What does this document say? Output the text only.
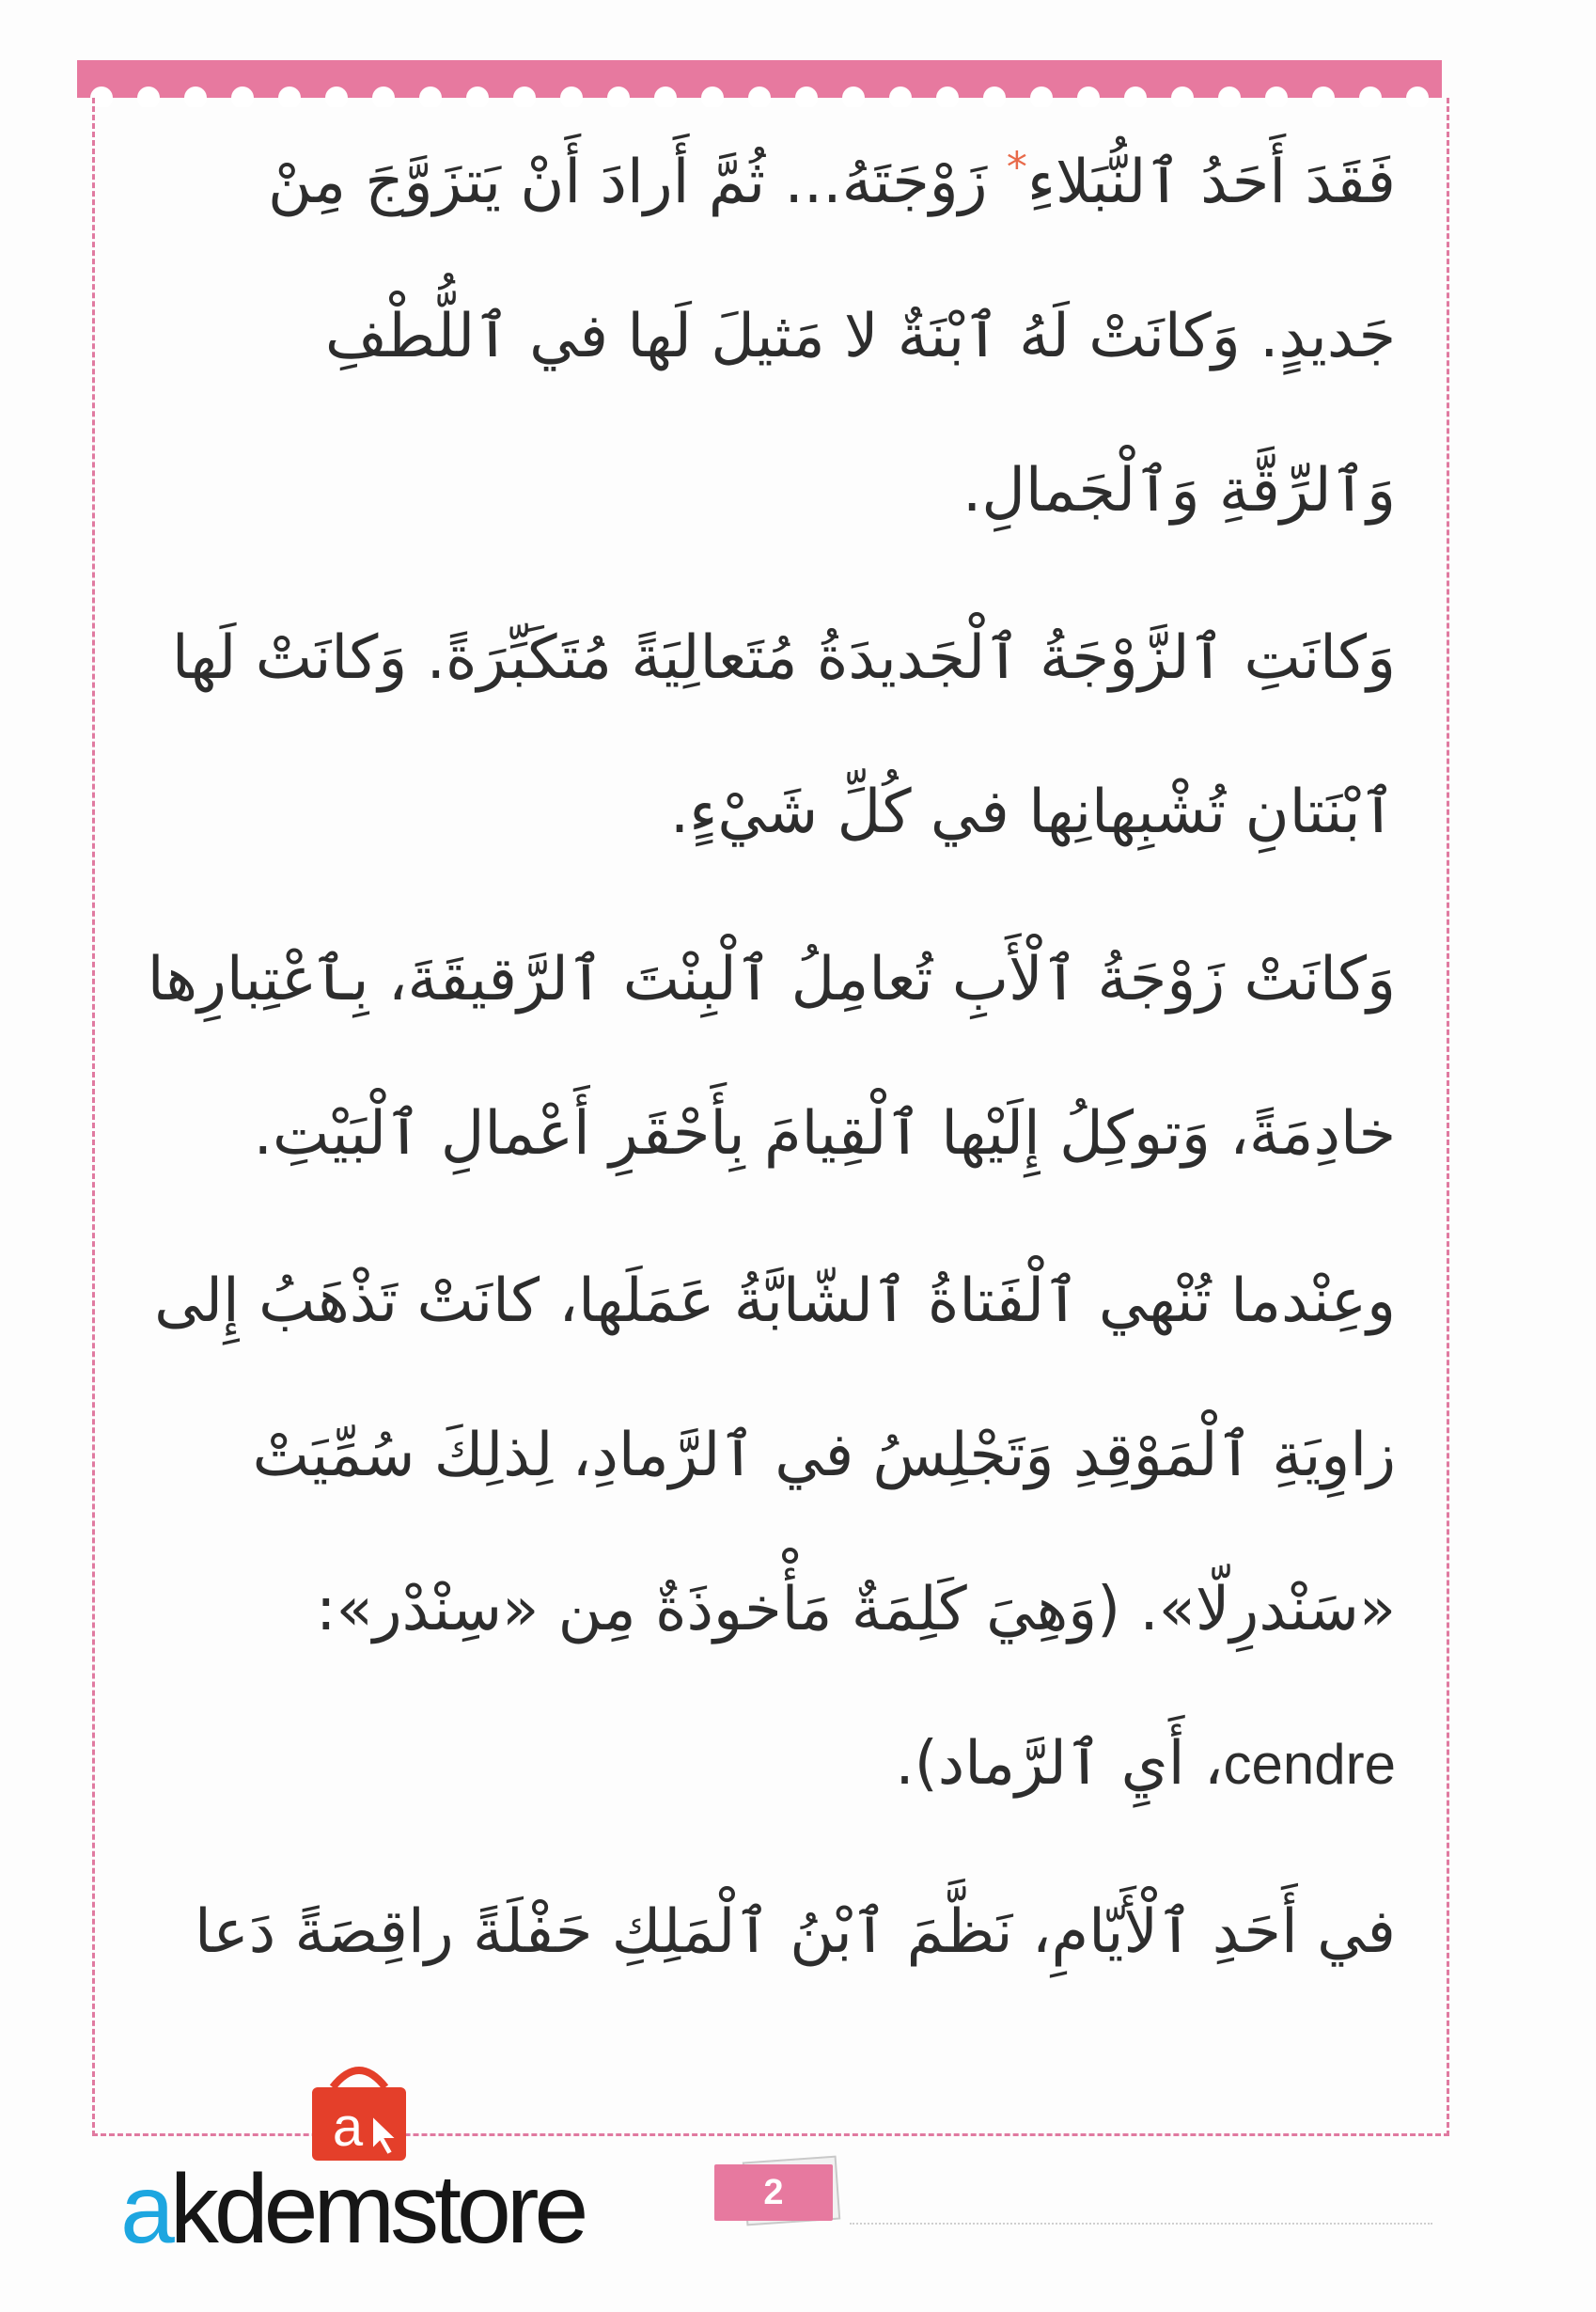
فَقَدَ أَحَدُ ٱلنُّبَلاءِ* زَوْجَتَهُ... ثُمَّ أَرادَ أَنْ يَتزَوَّجَ مِنْ جَديدٍ. وَكانَتْ لَهُ ٱبْنَةٌ لا مَثيلَ لَها في ٱللُّطْفِ وَٱلرِّقَّةِ وَٱلْجَمالِ.

وَكانَتِ ٱلزَّوْجَةُ ٱلْجَديدَةُ مُتَعالِيَةً مُتَكَبِّرَةً. وَكانَتْ لَها ٱبْنَتانِ تُشْبِهانِها في كُلِّ شَيْءٍ.

وَكانَتْ زَوْجَةُ ٱلْأَبِ تُعامِلُ ٱلْبِنْتَ ٱلرَّقيقَةَ، بِٱعْتِبارِها خادِمَةً، وَتوكِلُ إِلَيْها ٱلْقِيامَ بِأَحْقَرِ أَعْمالِ ٱلْبَيْتِ.

وعِنْدما تُنْهي ٱلْفَتاةُ ٱلشّابَّةُ عَمَلَها، كانَتْ تَذْهَبُ إِلى زاوِيَةِ ٱلْمَوْقِدِ وَتَجْلِسُ في ٱلرَّمادِ، لِذلِكَ سُمِّيَتْ «سَنْدرِلّا». (وَهِيَ كَلِمَةٌ مَأْخوذَةٌ مِن «سِنْدْر»: cendre، أَيِ ٱلرَّماد).

في أَحَدِ ٱلْأَيّامِ، نَظَّمَ ٱبْنُ ٱلْمَلِكِ حَفْلَةً راقِصَةً دَعا

a
akdemstore	2
